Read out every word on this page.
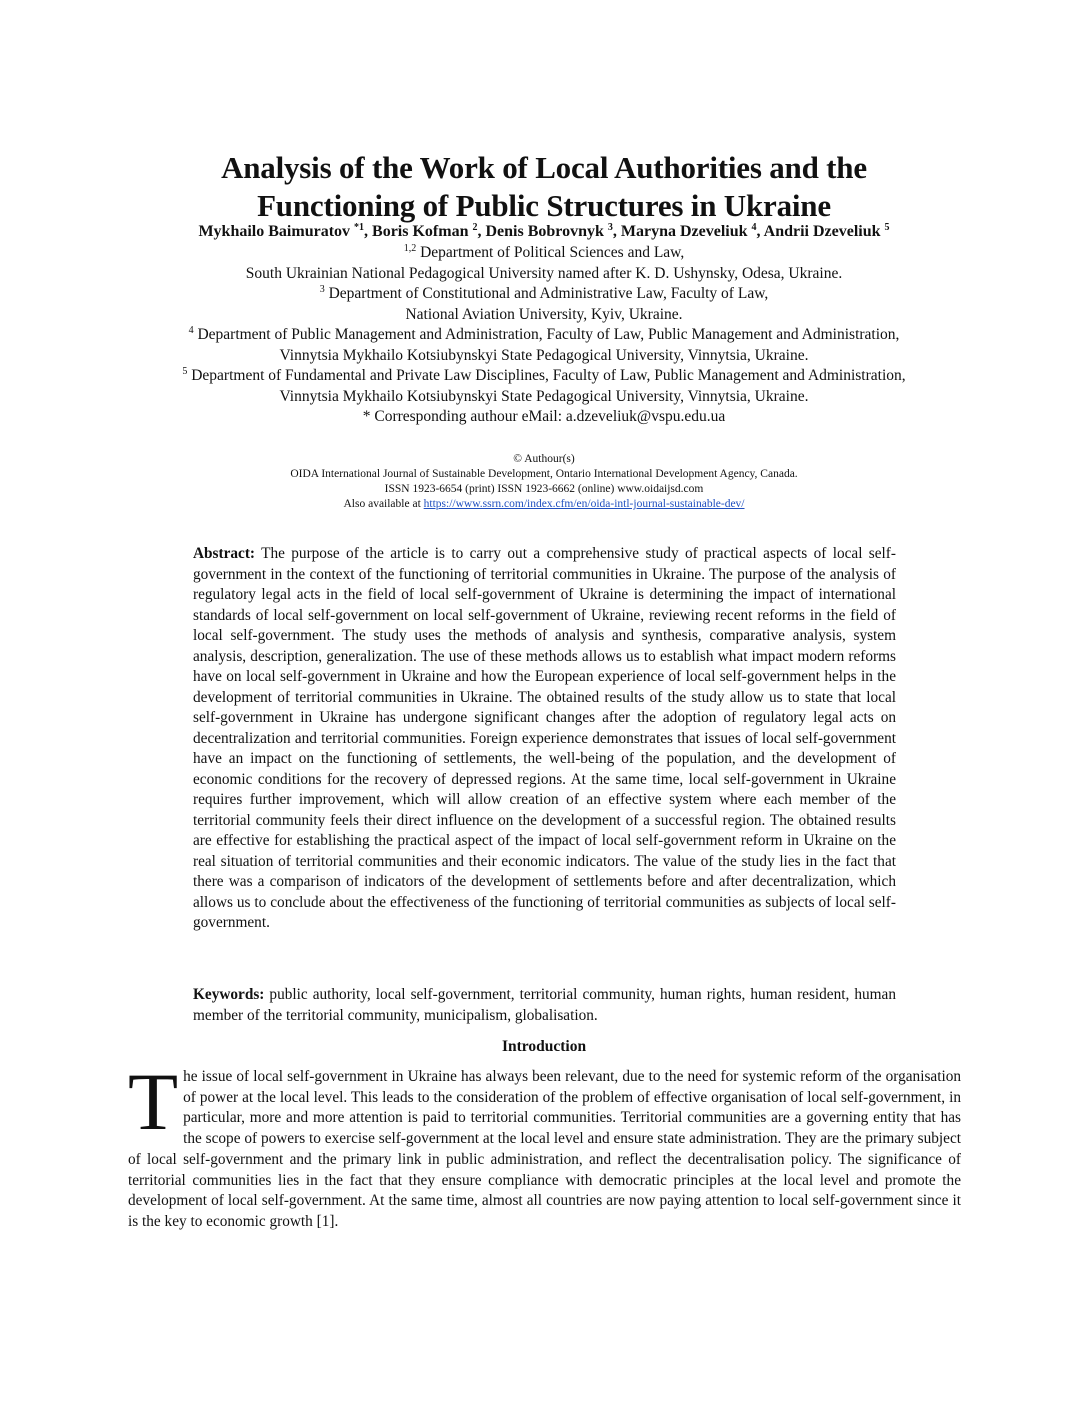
Analysis of the Work of Local Authorities and the
Functioning of Public Structures in Ukraine
Mykhailo Baimuratov $^{*1}$, Boris Kofman $^2$, Denis Bobrovnyk $^3$, Maryna Dzeveliuk $^4$, Andrii Dzeveliuk $^5$
$^{1,2}$ Department of Political Sciences and Law,
South Ukrainian National Pedagogical University named after K. D. Ushynsky, Odesa, Ukraine.
$^3$ Department of Constitutional and Administrative Law, Faculty of Law,
National Aviation University, Kyiv, Ukraine.
$^4$ Department of Public Management and Administration, Faculty of Law, Public Management and Administration,
Vinnytsia Mykhailo Kotsiubynskyi State Pedagogical University, Vinnytsia, Ukraine.
$^5$ Department of Fundamental and Private Law Disciplines, Faculty of Law, Public Management and Administration,
Vinnytsia Mykhailo Kotsiubynskyi State Pedagogical University, Vinnytsia, Ukraine.
* Corresponding authour eMail: a.dzeveliuk@vspu.edu.ua
© Authour(s)
OIDA International Journal of Sustainable Development, Ontario International Development Agency, Canada.
ISSN 1923-6654 (print) ISSN 1923-6662 (online) www.oidaijsd.com
Also available at https://www.ssrn.com/index.cfm/en/oida-intl-journal-sustainable-dev/

Abstract: The purpose of the article is to carry out a comprehensive study of practical aspects of local self-government in the context of the functioning of territorial communities in Ukraine. The purpose of the analysis of regulatory legal acts in the field of local self-government of Ukraine is determining the impact of international standards of local self-government on local self-government of Ukraine, reviewing recent reforms in the field of local self-government. The study uses the methods of analysis and synthesis, comparative analysis, system analysis, description, generalization. The use of these methods allows us to establish what impact modern reforms have on local self-government in Ukraine and how the European experience of local self-government helps in the development of territorial communities in Ukraine. The obtained results of the study allow us to state that local self-government in Ukraine has undergone significant changes after the adoption of regulatory legal acts on decentralization and territorial communities. Foreign experience demonstrates that issues of local self-government have an impact on the functioning of settlements, the well-being of the population, and the development of economic conditions for the recovery of depressed regions. At the same time, local self-government in Ukraine requires further improvement, which will allow creation of an effective system where each member of the territorial community feels their direct influence on the development of a successful region. The obtained results are effective for establishing the practical aspect of the impact of local self-government reform in Ukraine on the real situation of territorial communities and their economic indicators. The value of the study lies in the fact that there was a comparison of indicators of the development of settlements before and after decentralization, which allows us to conclude about the effectiveness of the functioning of territorial communities as subjects of local self-government.

Keywords: public authority, local self-government, territorial community, human rights, human resident, human member of the territorial community, municipalism, globalisation.

Introduction

The issue of local self-government in Ukraine has always been relevant, due to the need for systemic reform of the organisation of power at the local level. This leads to the consideration of the problem of effective organisation of local self-government, in particular, more and more attention is paid to territorial communities. Territorial communities are a governing entity that has the scope of powers to exercise self-government at the local level and ensure state administration. They are the primary subject of local self-government and the primary link in public administration, and reflect the decentralisation policy. The significance of territorial communities lies in the fact that they ensure compliance with democratic principles at the local level and promote the development of local self-government. At the same time, almost all countries are now paying attention to local self-government since it is the key to economic growth [1].
